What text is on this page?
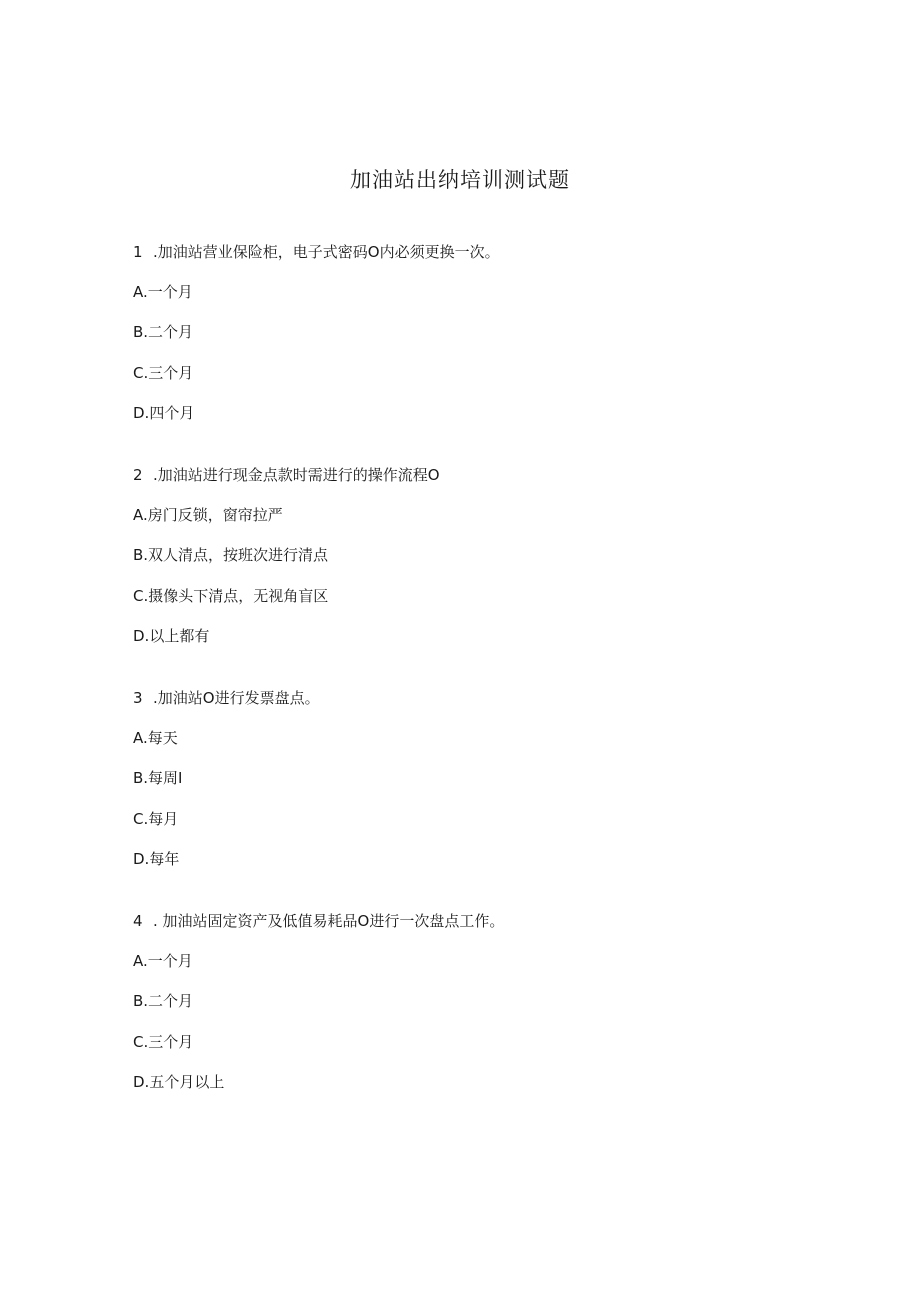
加油站出纳培训测试题
1 .加油站营业保险柜，电子式密码O内必须更换一次。
A.一个月
B.二个月
C.三个月
D.四个月
2 .加油站进行现金点款时需进行的操作流程O
A.房门反锁，窗帘拉严
B.双人清点，按班次进行清点
C.摄像头下清点，无视角盲区
D.以上都有
3 .加油站O进行发票盘点。
A.每天
B.每周I
C.每月
D.每年
4 . 加油站固定资产及低值易耗品O进行一次盘点工作。
A.一个月
B.二个月
C.三个月
D.五个月以上
